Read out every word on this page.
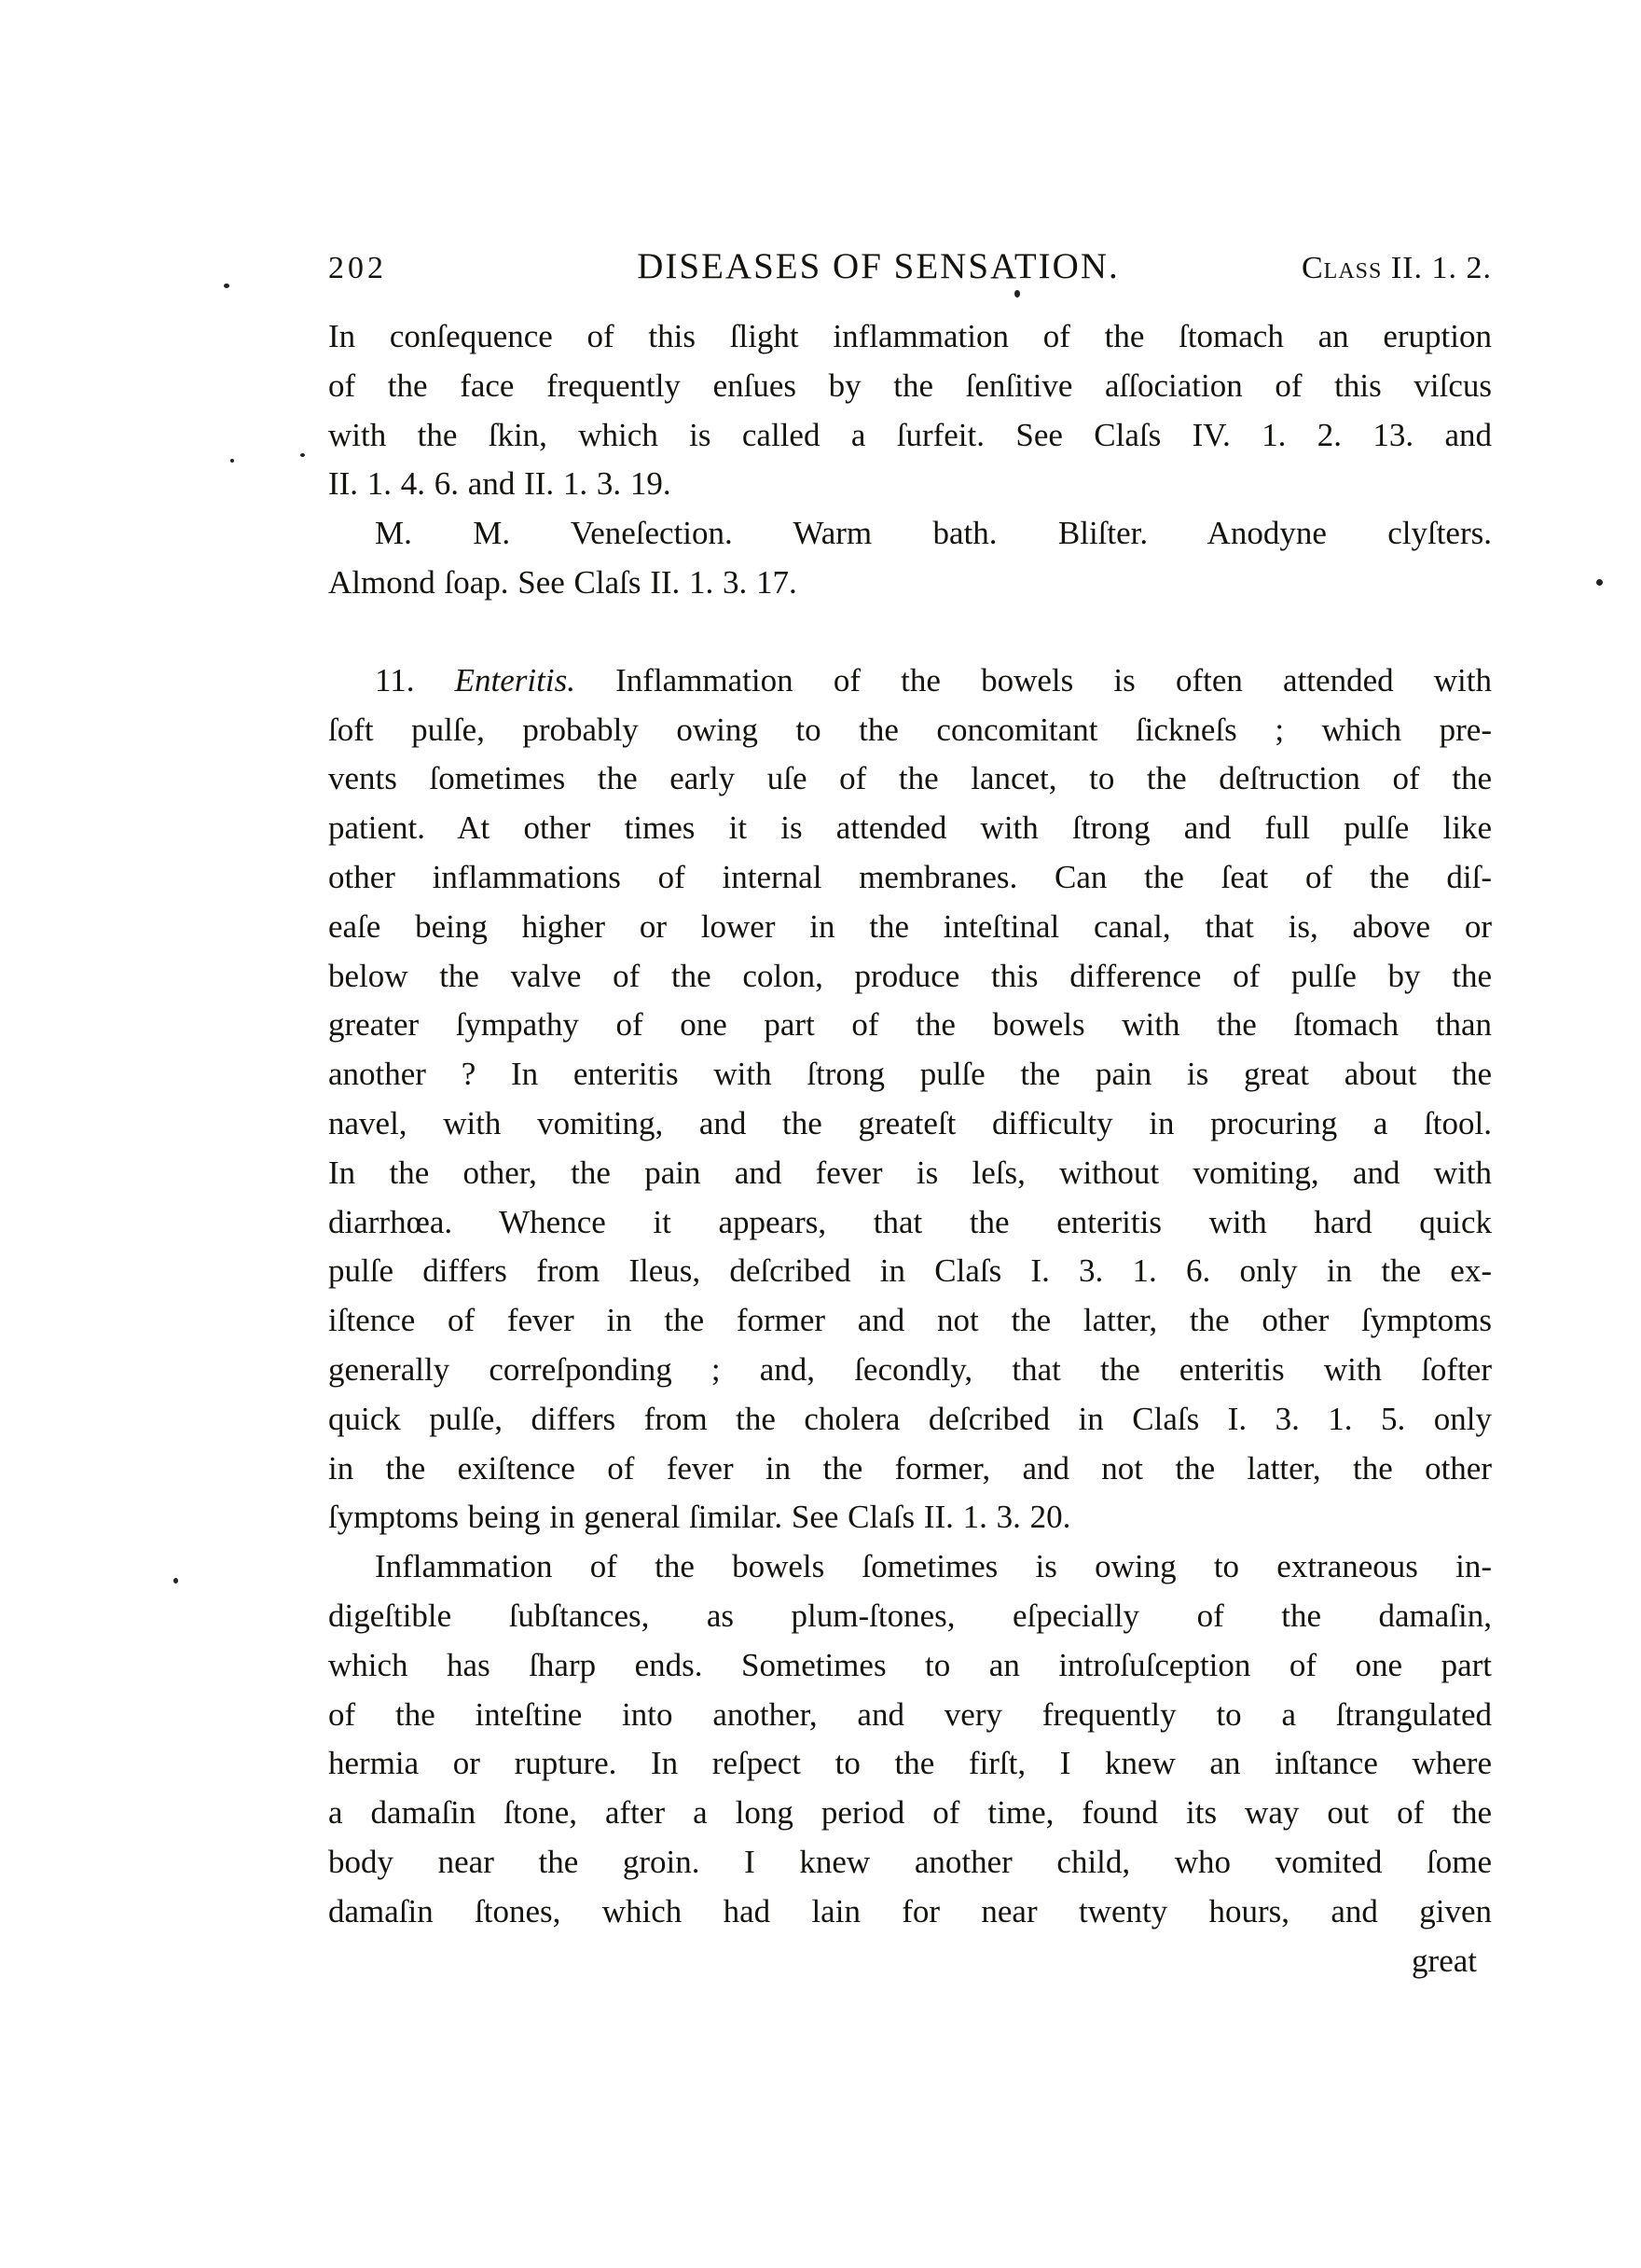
202	DISEASES OF SENSATION.	Class II. 1. 2.
In conſequence of this ſlight inflammation of the ſtomach an eruption
of the face frequently enſues by the ſenſitive aſſociation of this viſcus
with the ſkin, which is called a ſurfeit. See Claſs IV. 1. 2. 13. and
II. 1. 4. 6. and II. 1. 3. 19.
M. M. Veneſection. Warm bath. Bliſter. Anodyne clyſters.
Almond ſoap. See Claſs II. 1. 3. 17.
11. Enteritis. Inflammation of the bowels is often attended with
ſoft pulſe, probably owing to the concomitant ſickneſs ; which pre-
vents ſometimes the early uſe of the lancet, to the deſtruction of the
patient. At other times it is attended with ſtrong and full pulſe like
other inflammations of internal membranes. Can the ſeat of the diſ-
eaſe being higher or lower in the inteſtinal canal, that is, above or
below the valve of the colon, produce this difference of pulſe by the
greater ſympathy of one part of the bowels with the ſtomach than
another ? In enteritis with ſtrong pulſe the pain is great about the
navel, with vomiting, and the greateſt difficulty in procuring a ſtool.
In the other, the pain and fever is leſs, without vomiting, and with
diarrhœa. Whence it appears, that the enteritis with hard quick
pulſe differs from Ileus, deſcribed in Claſs I. 3. 1. 6. only in the ex-
iſtence of fever in the former and not the latter, the other ſymptoms
generally correſponding ; and, ſecondly, that the enteritis with ſofter
quick pulſe, differs from the cholera deſcribed in Claſs I. 3. 1. 5. only
in the exiſtence of fever in the former, and not the latter, the other
ſymptoms being in general ſimilar. See Claſs II. 1. 3. 20.
Inflammation of the bowels ſometimes is owing to extraneous in-
digeſtible ſubſtances, as plum-ſtones, eſpecially of the damaſin,
which has ſharp ends. Sometimes to an introſuſception of one part
of the inteſtine into another, and very frequently to a ſtrangulated
hermia or rupture. In reſpect to the firſt, I knew an inſtance where
a damaſin ſtone, after a long period of time, found its way out of the
body near the groin. I knew another child, who vomited ſome
damaſin ſtones, which had lain for near twenty hours, and given
great
